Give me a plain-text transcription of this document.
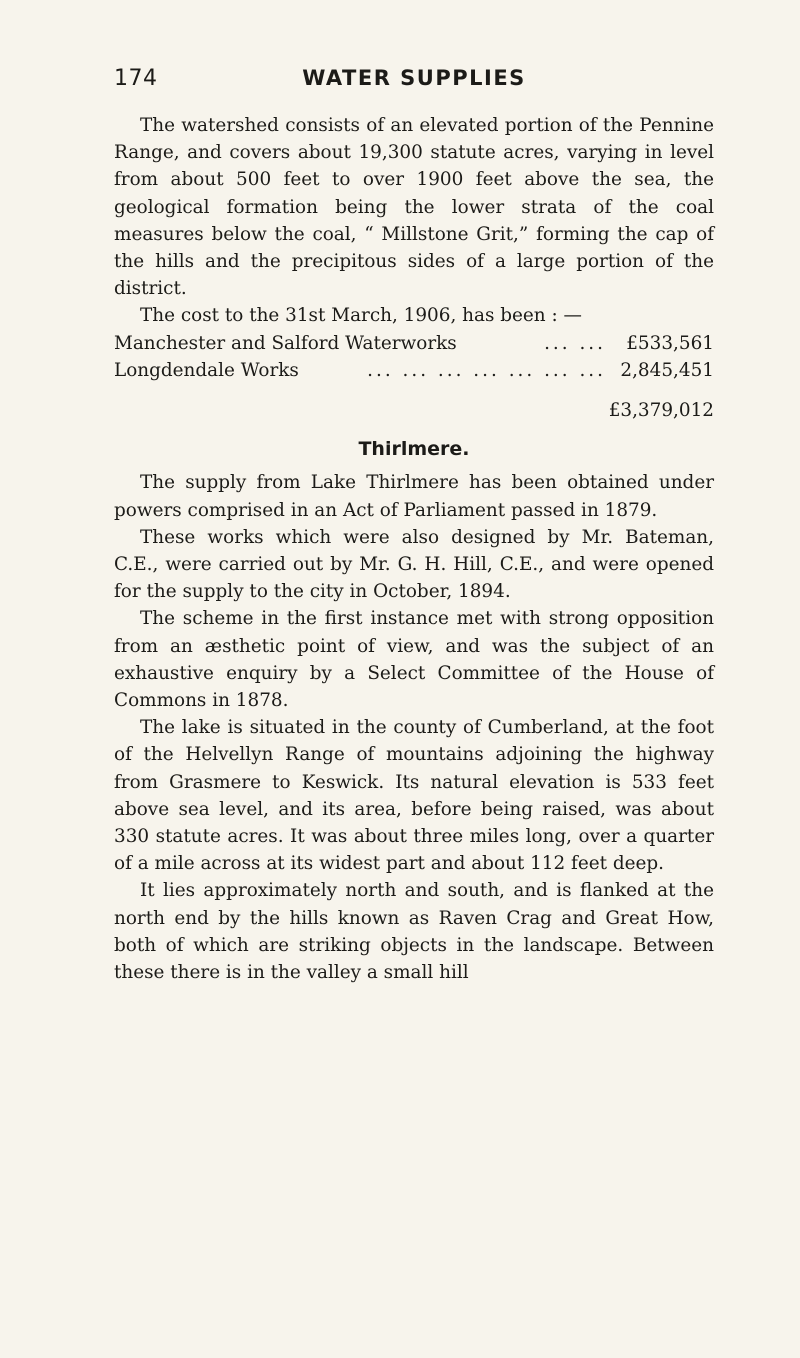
174	WATER SUPPLIES

The watershed consists of an elevated portion of the Pennine Range, and covers about 19,300 statute acres, varying in level from about 500 feet to over 1900 feet above the sea, the geological formation being the lower strata of the coal measures below the coal, “ Millstone Grit,” forming the cap of the hills and the precipitous sides of a large portion of the district.

The cost to the 31st March, 1906, has been : —

Manchester and Salford Waterworks	... ...	£533,561
Longdendale Works	... ... ... ... ... ... ... 2,845,451
£3,379,012
Thirlmere.

The supply from Lake Thirlmere has been obtained under powers comprised in an Act of Parliament passed in 1879.

These works which were also designed by Mr. Bateman, C.E., were carried out by Mr. G. H. Hill, C.E., and were opened for the supply to the city in October, 1894.

The scheme in the first instance met with strong opposition from an æsthetic point of view, and was the subject of an exhaustive enquiry by a Select Committee of the House of Commons in 1878.

The lake is situated in the county of Cumberland, at the foot of the Helvellyn Range of mountains adjoining the highway from Grasmere to Keswick. Its natural elevation is 533 feet above sea level, and its area, before being raised, was about 330 statute acres. It was about three miles long, over a quarter of a mile across at its widest part and about 112 feet deep.

It lies approximately north and south, and is flanked at the north end by the hills known as Raven Crag and Great How, both of which are striking objects in the landscape. Between these there is in the valley a small hill
